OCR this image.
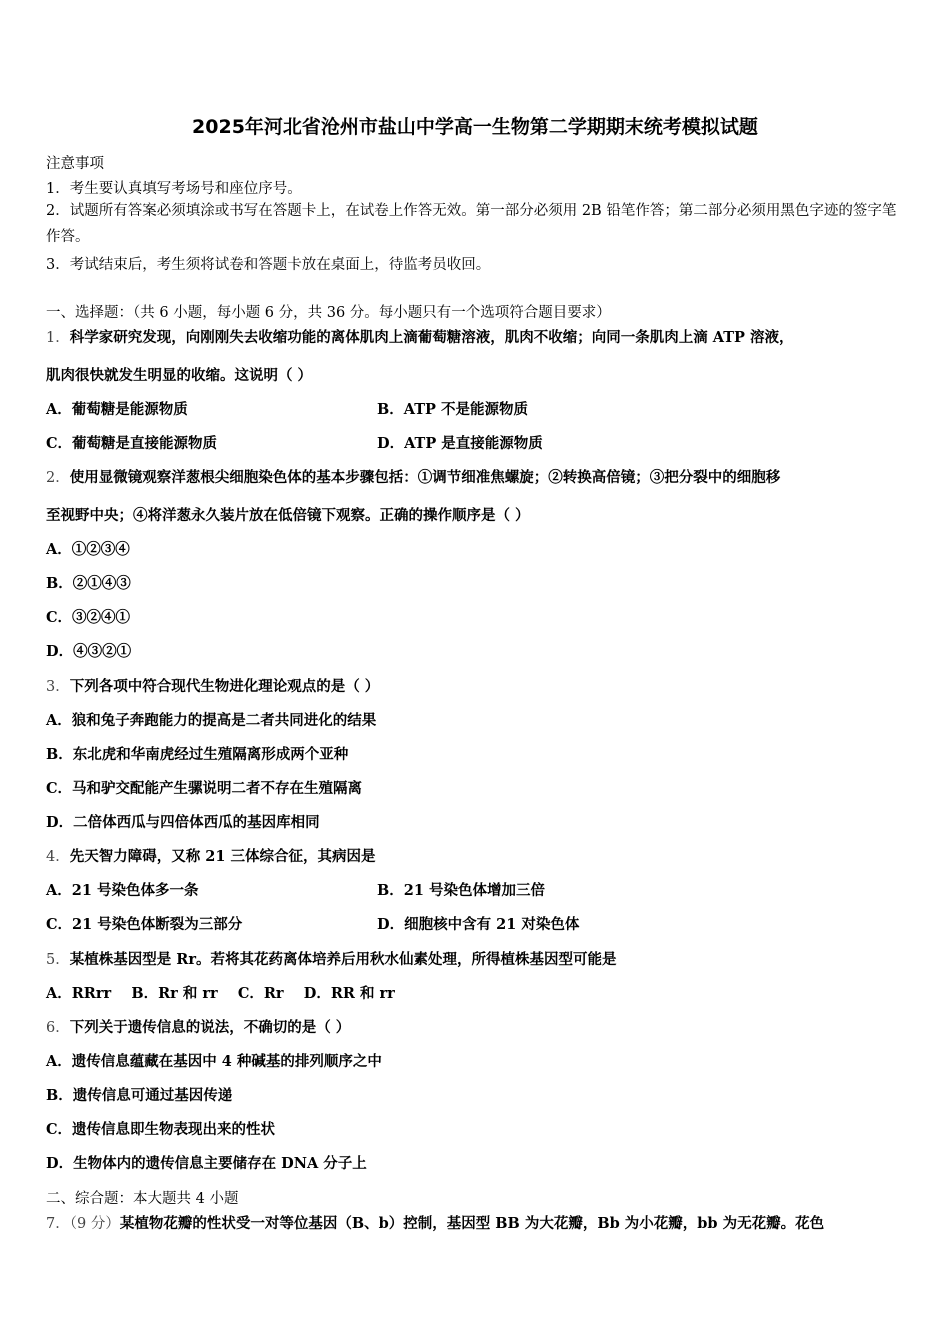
2025年河北省沧州市盐山中学高一生物第二学期期末统考模拟试题
注意事项
1．考生要认真填写考场号和座位序号。
2．试题所有答案必须填涂或书写在答题卡上，在试卷上作答无效。第一部分必须用 2B 铅笔作答；第二部分必须用黑色字迹的签字笔作答。
3．考试结束后，考生须将试卷和答题卡放在桌面上，待监考员收回。
一、选择题：（共 6 小题，每小题 6 分，共 36 分。每小题只有一个选项符合题目要求）
1．科学家研究发现，向刚刚失去收缩功能的离体肌肉上滴葡萄糖溶液，肌肉不收缩；向同一条肌肉上滴 ATP 溶液，
肌肉很快就发生明显的收缩。这说明（ ）
A．葡萄糖是能源物质	B．ATP 不是能源物质
C．葡萄糖是直接能源物质	D．ATP 是直接能源物质
2．使用显微镜观察洋葱根尖细胞染色体的基本步骤包括：①调节细准焦螺旋；②转换高倍镜；③把分裂中的细胞移
至视野中央；④将洋葱永久装片放在低倍镜下观察。正确的操作顺序是（ ）
A．①②③④
B．②①④③
C．③②④①
D．④③②①
3．下列各项中符合现代生物进化理论观点的是（ ）
A．狼和兔子奔跑能力的提高是二者共同进化的结果
B．东北虎和华南虎经过生殖隔离形成两个亚种
C．马和驴交配能产生骡说明二者不存在生殖隔离
D．二倍体西瓜与四倍体西瓜的基因库相同
4．先天智力障碍，又称 21 三体综合征，其病因是
A．21 号染色体多一条	B．21 号染色体增加三倍
C．21 号染色体断裂为三部分	D．细胞核中含有 21 对染色体
5．某植株基因型是 Rr。若将其花药离体培养后用秋水仙素处理，所得植株基因型可能是
A．RRrr    B．Rr 和 rr    C．Rr    D．RR 和 rr
6．下列关于遗传信息的说法，不确切的是（ ）
A．遗传信息蕴藏在基因中 4 种碱基的排列顺序之中
B．遗传信息可通过基因传递
C．遗传信息即生物表现出来的性状
D．生物体内的遗传信息主要储存在 DNA 分子上
二、综合题：本大题共 4 小题
7．（9 分）某植物花瓣的性状受一对等位基因（B、b）控制，基因型 BB 为大花瓣，Bb 为小花瓣，bb 为无花瓣。花色
